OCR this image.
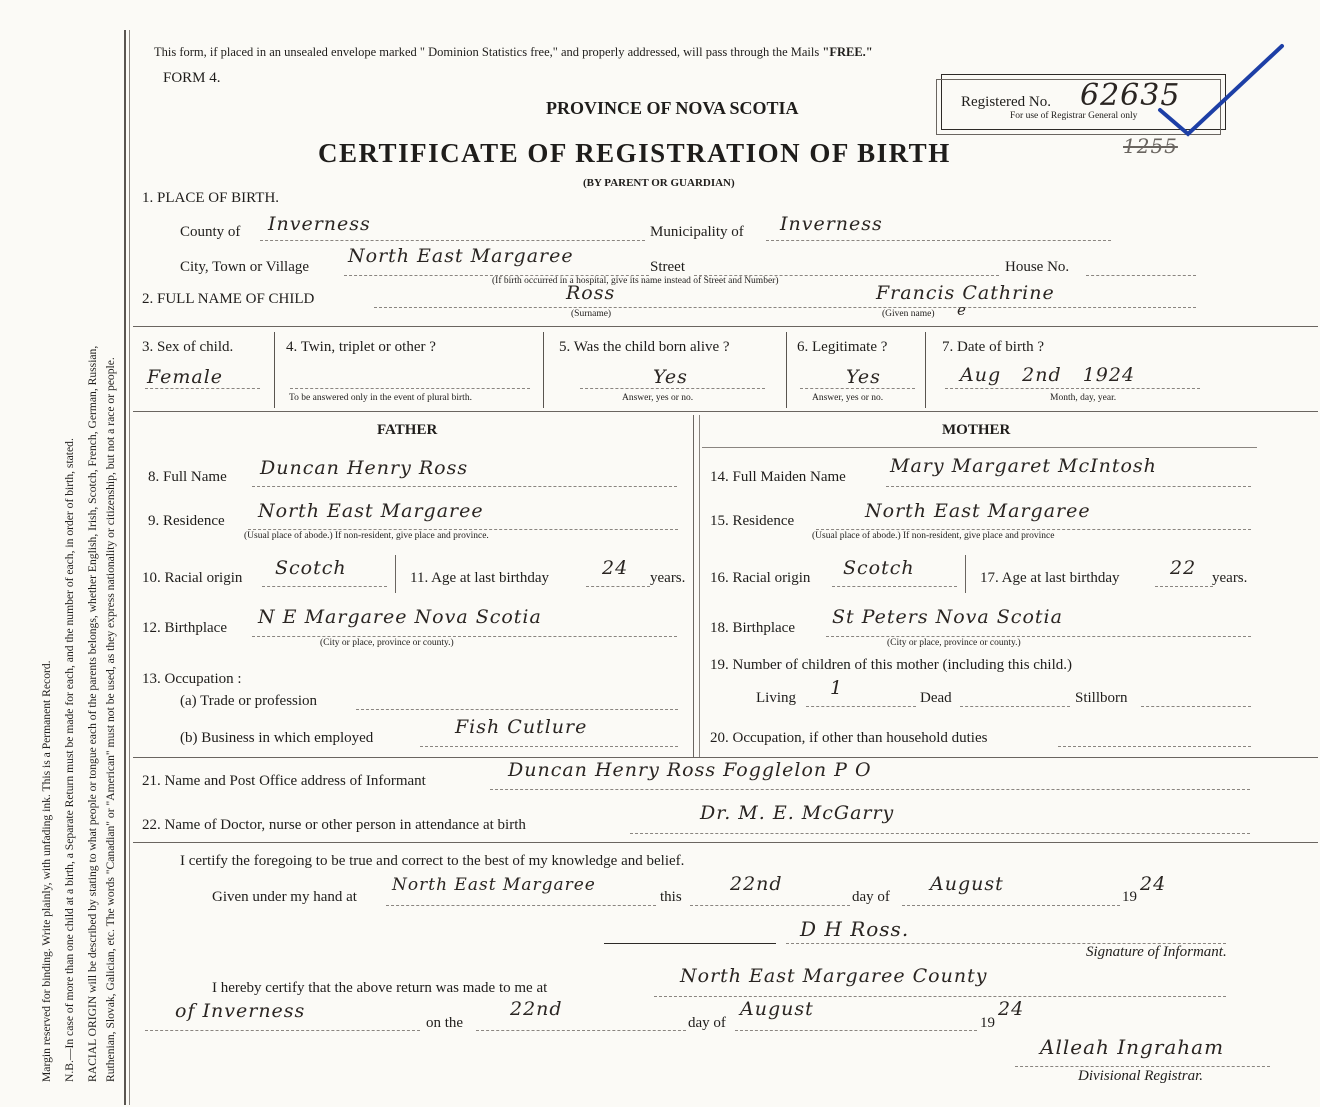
Margin reserved for binding. Write plainly, with unfading ink. This is a Permanent Record. N.B.—In case of more than one child at a birth, a Separate Return must be made for each, and the number of each, in order of birth, stated. RACIAL ORIGIN will be described by stating to what people or tongue each of the parents belongs, whether English, Irish, Scotch, French, German, Russian, Ruthenian, Slovak, Galician, etc. The words "Canadian" or "American" must not be used, as they express nationality or citizenship, but not a race or people.
This form, if placed in an unsealed envelope marked " Dominion Statistics free," and properly addressed, will pass through the Mails "FREE."
FORM 4.
PROVINCE OF NOVA SCOTIA
CERTIFICATE OF REGISTRATION OF BIRTH
(BY PARENT OR GUARDIAN)
Registered No. 62635
For use of Registrar General only
1255
1. PLACE OF BIRTH.
County of Inverness	Municipality of Inverness
City, Town or Village North East Margaree	Street	House No.
(If birth occurred in a hospital, give its name instead of Street and Number)
2. FULL NAME OF CHILD	Ross
(Surname)
Francis Cathrine
(Given name) e
3. Sex of child.
Female
4. Twin, triplet or other ?
To be answered only in the event of plural birth.
5. Was the child born alive ?
Yes
Answer, yes or no.
6. Legitimate ?
Yes
Answer, yes or no.
7. Date of birth ?
Aug 2nd 1924
Month, day, year.
FATHER	MOTHER
8. Full Name Duncan Henry Ross
9. Residence North East Margaree
(Usual place of abode.) If non-resident, give place and province.
10. Racial origin Scotch	11. Age at last birthday	24 years.
12. Birthplace N E Margaree Nova Scotia
(City or place, province or county.)
13. Occupation :
(a) Trade or profession
(b) Business in which employed	Fish Cutlure
14. Full Maiden Name Mary Margaret McIntosh
15. Residence	North East Margaree
(Usual place of abode.) If non-resident, give place and province
16. Racial origin Scotch	17. Age at last birthday	22 years.
18. Birthplace St Peters Nova Scotia
(City or place, province or county.)
19. Number of children of this mother (including this child.)
Living 1	Dead	Stillborn
20. Occupation, if other than household duties
21. Name and Post Office address of Informant	Duncan Henry Ross Fogglelon P O
22. Name of Doctor, nurse or other person in attendance at birth
Dr. M. E. McGarry
I certify the foregoing to be true and correct to the best of my knowledge and belief.
Given under my hand at
North East Margaree
this
22nd
day of
August
19
24
D H Ross.
Signature of Informant.
I hereby certify that the above return was made to me at
North East Margaree County
of Inverness
on the
22nd
day of
August
19
24
Alleah Ingraham
Divisional Registrar.
